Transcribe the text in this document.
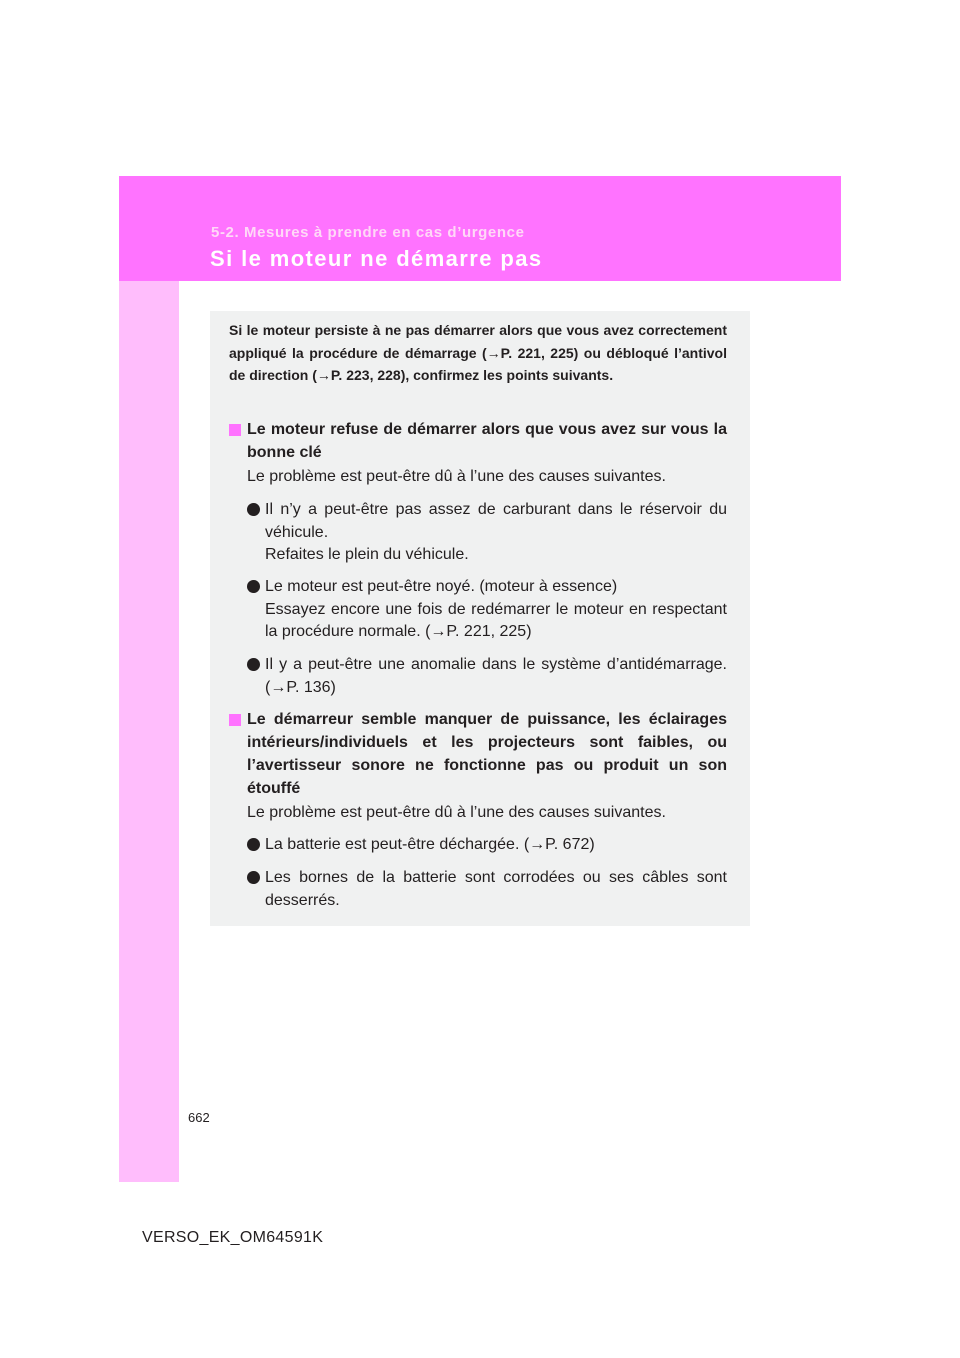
5-2. Mesures à prendre en cas d’urgence
Si le moteur ne démarre pas

Si le moteur persiste à ne pas démarrer alors que vous avez correctement appliqué la procédure de démarrage (→P. 221, 225) ou débloqué l’antivol de direction (→P. 223, 228), confirmez les points suivants.

Le moteur refuse de démarrer alors que vous avez sur vous la bonne clé

Le problème est peut-être dû à l’une des causes suivantes.

Il n’y a peut-être pas assez de carburant dans le réservoir du véhicule.
Refaites le plein du véhicule.
Le moteur est peut-être noyé. (moteur à essence)
Essayez encore une fois de redémarrer le moteur en respectant la procédure normale. (→P. 221, 225)
Il y a peut-être une anomalie dans le système d’antidémarrage. (→P. 136)
Le démarreur semble manquer de puissance, les éclairages intérieurs/individuels et les projecteurs sont faibles, ou l’avertisseur sonore ne fonctionne pas ou produit un son étouffé

Le problème est peut-être dû à l’une des causes suivantes.

La batterie est peut-être déchargée. (→P. 672)
Les bornes de la batterie sont corrodées ou ses câbles sont desserrés.
662
VERSO_EK_OM64591K
